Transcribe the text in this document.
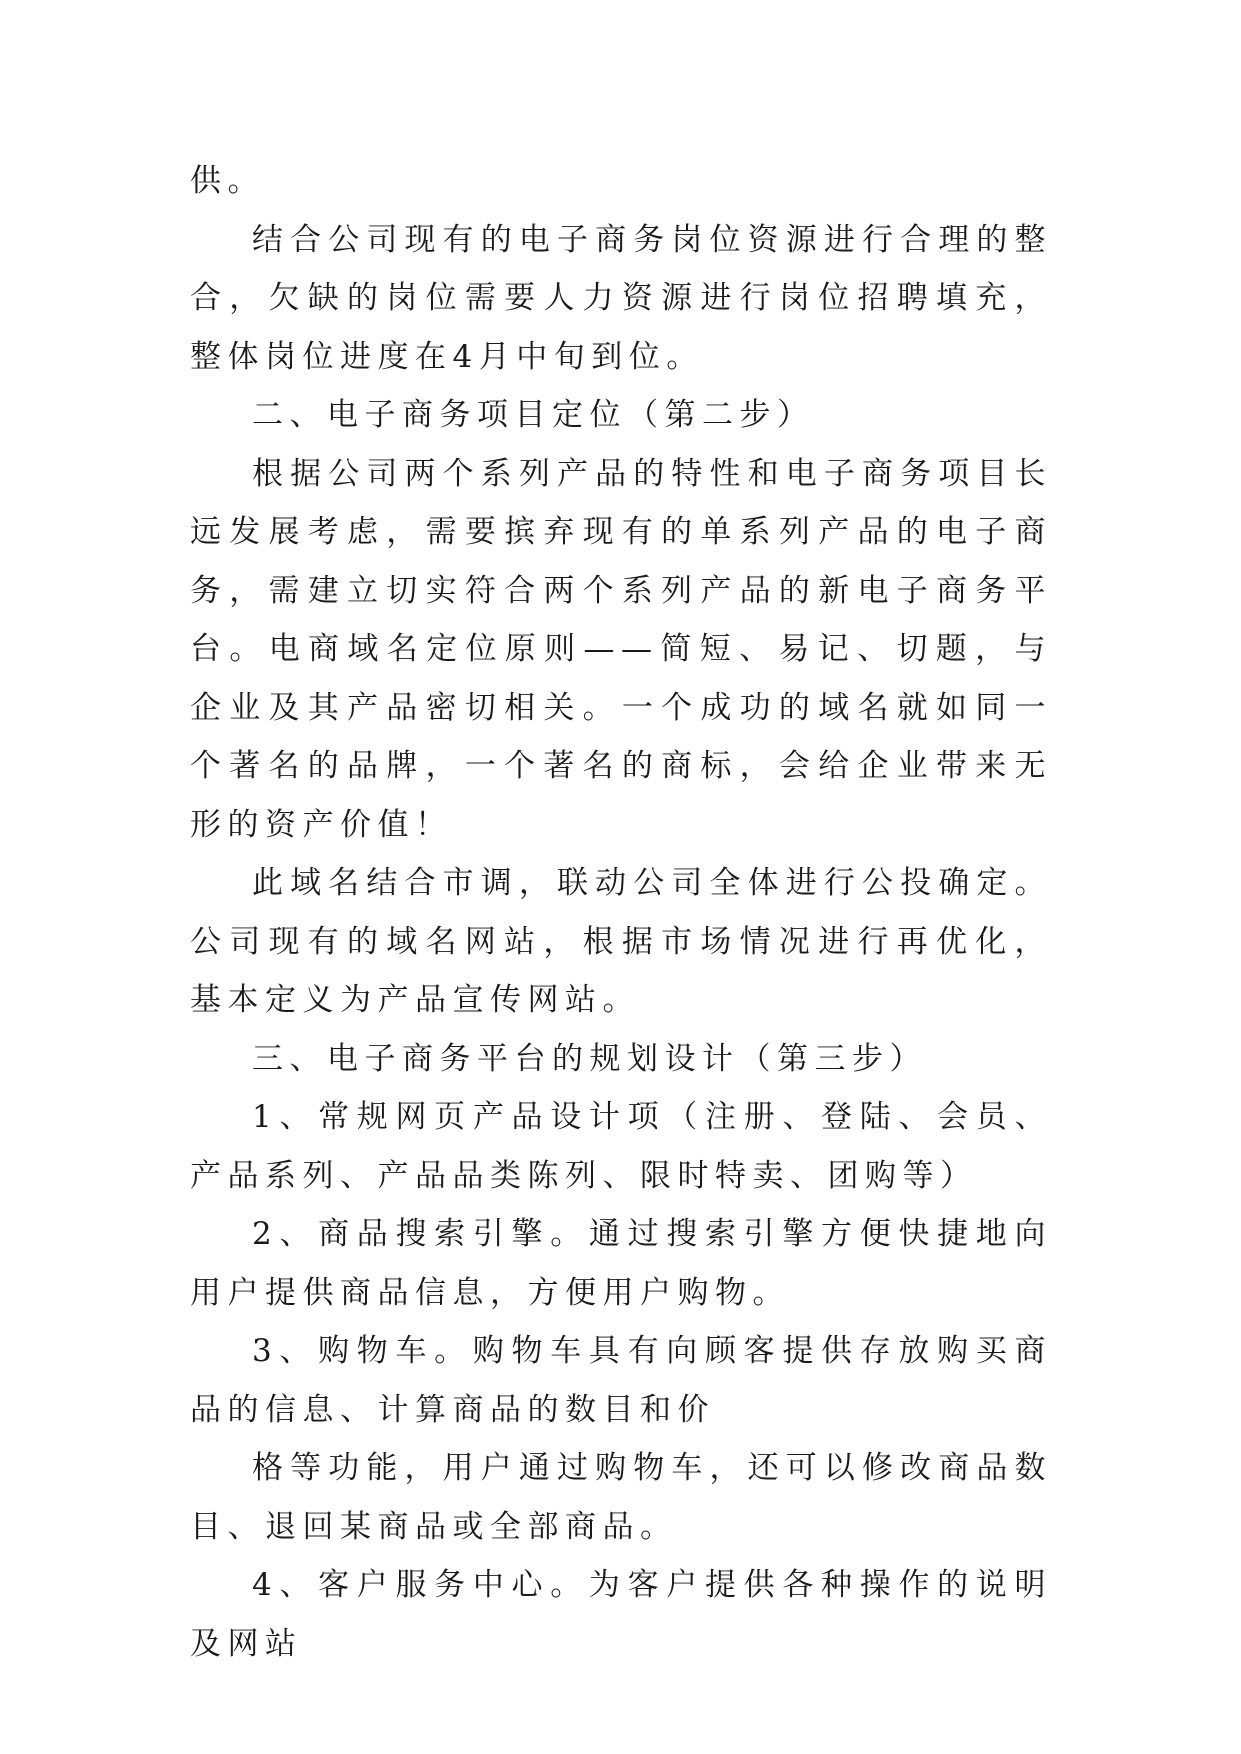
供。

结合公司现有的电子商务岗位资源进行合理的整合，欠缺的岗位需要人力资源进行岗位招聘填充，整体岗位进度在4月中旬到位。

二、电子商务项目定位（第二步）

根据公司两个系列产品的特性和电子商务项目长远发展考虑，需要摈弃现有的单系列产品的电子商务，需建立切实符合两个系列产品的新电子商务平台。电商域名定位原则——简短、易记、切题，与企业及其产品密切相关。一个成功的域名就如同一个著名的品牌，一个著名的商标，会给企业带来无形的资产价值！

此域名结合市调，联动公司全体进行公投确定。公司现有的域名网站，根据市场情况进行再优化，基本定义为产品宣传网站。

三、电子商务平台的规划设计（第三步）

1、常规网页产品设计项（注册、登陆、会员、产品系列、产品品类陈列、限时特卖、团购等）

2、商品搜索引擎。通过搜索引擎方便快捷地向用户提供商品信息，方便用户购物。

3、购物车。购物车具有向顾客提供存放购买商品的信息、计算商品的数目和价

格等功能，用户通过购物车，还可以修改商品数目、退回某商品或全部商品。

4、客户服务中心。为客户提供各种操作的说明及网站
